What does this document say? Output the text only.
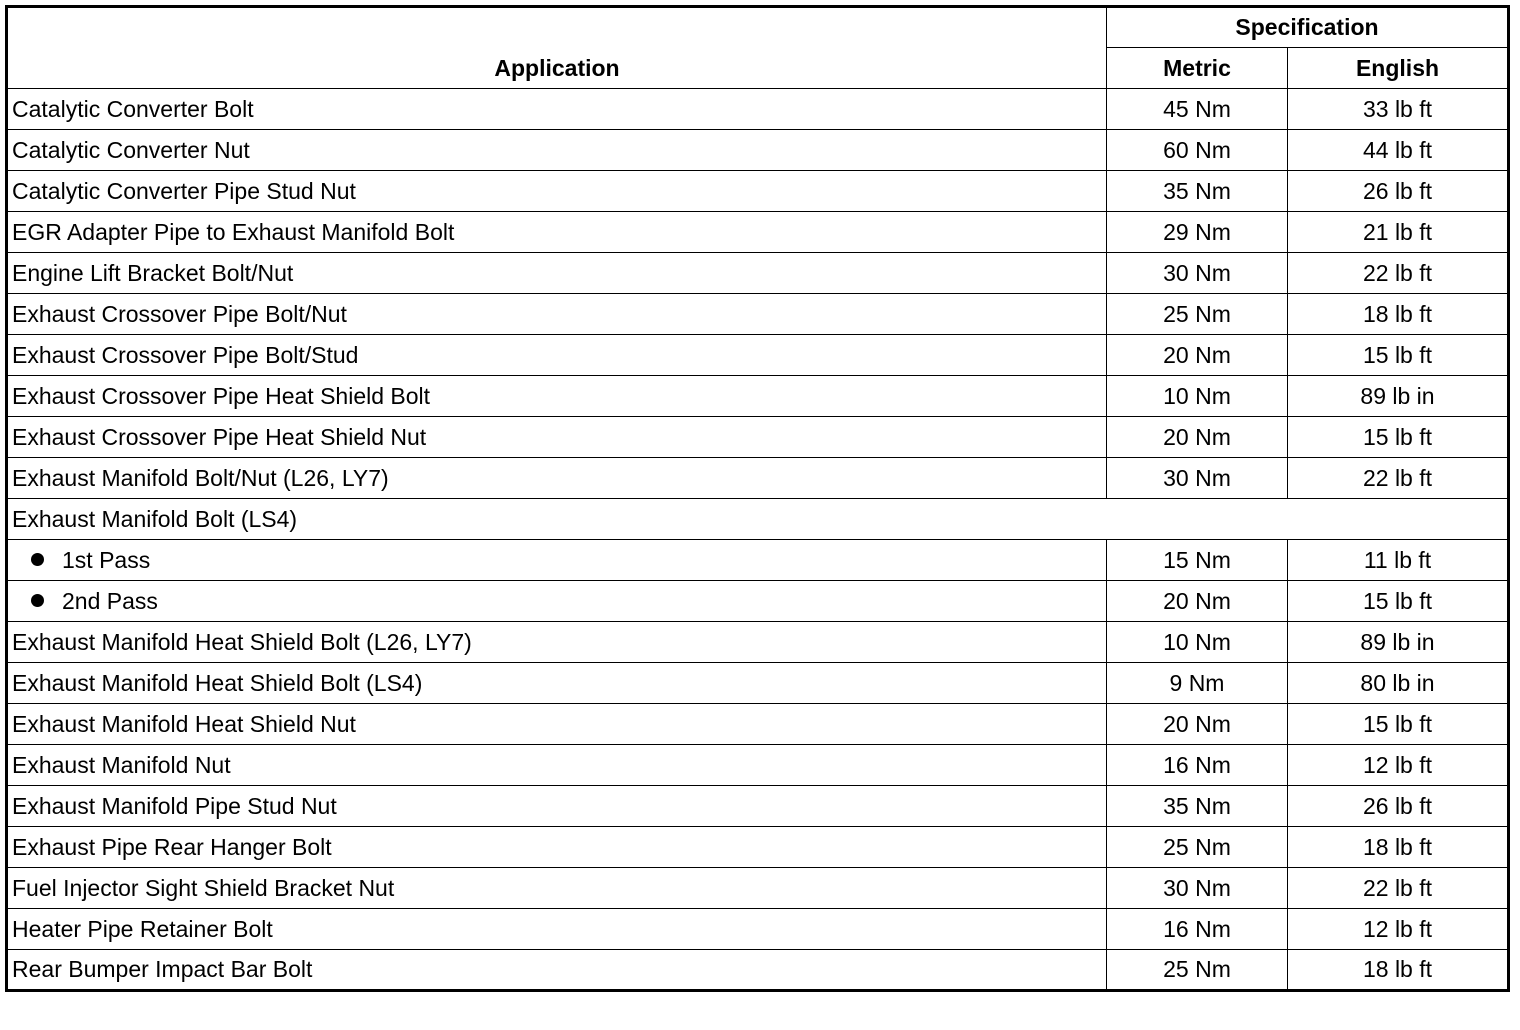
Application	Specification	
	Metric	English
Catalytic Converter Bolt	45 Nm	33 lb ft
Catalytic Converter Nut	60 Nm	44 lb ft
Catalytic Converter Pipe Stud Nut	35 Nm	26 lb ft
EGR Adapter Pipe to Exhaust Manifold Bolt	29 Nm	21 lb ft
Engine Lift Bracket Bolt/Nut	30 Nm	22 lb ft
Exhaust Crossover Pipe Bolt/Nut	25 Nm	18 lb ft
Exhaust Crossover Pipe Bolt/Stud	20 Nm	15 lb ft
Exhaust Crossover Pipe Heat Shield Bolt	10 Nm	89 lb in
Exhaust Crossover Pipe Heat Shield Nut	20 Nm	15 lb ft
Exhaust Manifold Bolt/Nut (L26, LY7)	30 Nm	22 lb ft
Exhaust Manifold Bolt (LS4)		
1st Pass	15 Nm	11 lb ft
2nd Pass	20 Nm	15 lb ft
Exhaust Manifold Heat Shield Bolt (L26, LY7)	10 Nm	89 lb in
Exhaust Manifold Heat Shield Bolt (LS4)	9 Nm	80 lb in
Exhaust Manifold Heat Shield Nut	20 Nm	15 lb ft
Exhaust Manifold Nut	16 Nm	12 lb ft
Exhaust Manifold Pipe Stud Nut	35 Nm	26 lb ft
Exhaust Pipe Rear Hanger Bolt	25 Nm	18 lb ft
Fuel Injector Sight Shield Bracket Nut	30 Nm	22 lb ft
Heater Pipe Retainer Bolt	16 Nm	12 lb ft
Rear Bumper Impact Bar Bolt	25 Nm	18 lb ft
